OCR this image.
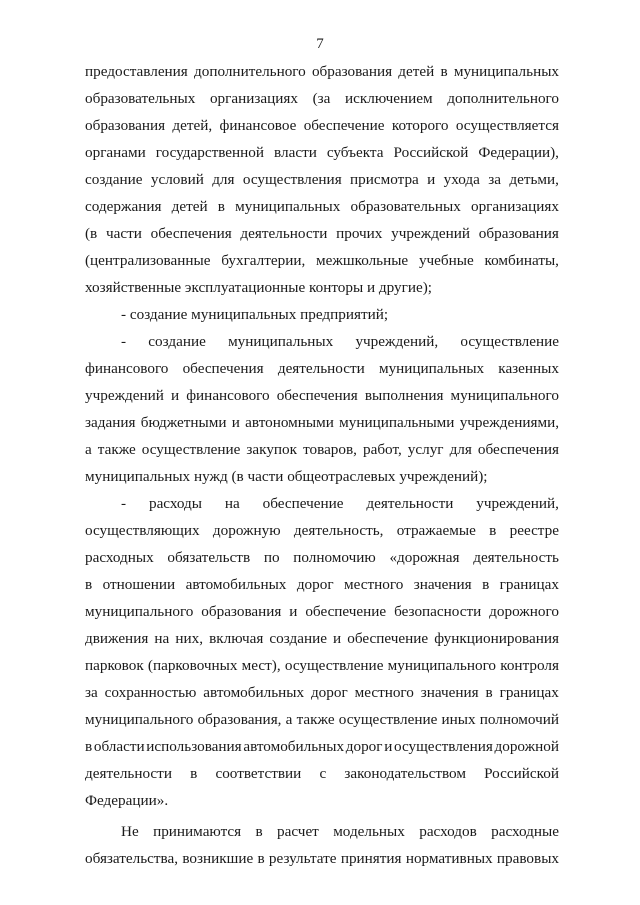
7
предоставления дополнительного образования детей в муниципальных
образовательных организациях (за исключением дополнительного
образования детей, финансовое обеспечение которого осуществляется
органами государственной власти субъекта Российской Федерации),
создание условий для осуществления присмотра и ухода за детьми,
содержания детей в муниципальных образовательных организациях
(в части обеспечения деятельности прочих учреждений образования
(централизованные бухгалтерии, межшкольные учебные комбинаты,
хозяйственные эксплуатационные конторы и другие);
- создание муниципальных предприятий;
- создание муниципальных учреждений, осуществление
финансового обеспечения деятельности муниципальных казенных
учреждений и финансового обеспечения выполнения муниципального
задания бюджетными и автономными муниципальными учреждениями,
а также осуществление закупок товаров, работ, услуг для обеспечения
муниципальных нужд (в части общеотраслевых учреждений);
- расходы на обеспечение деятельности учреждений,
осуществляющих дорожную деятельность, отражаемые в реестре
расходных обязательств по полномочию «дорожная деятельность
в отношении автомобильных дорог местного значения в границах
муниципального образования и обеспечение безопасности дорожного
движения на них, включая создание и обеспечение функционирования
парковок (парковочных мест), осуществление муниципального контроля
за сохранностью автомобильных дорог местного значения в границах
муниципального образования, а также осуществление иных полномочий
в области использования автомобильных дорог и осуществления дорожной
деятельности в соответствии с законодательством Российской
Федерации».
Не принимаются в расчет модельных расходов расходные
обязательства, возникшие в результате принятия нормативных правовых
